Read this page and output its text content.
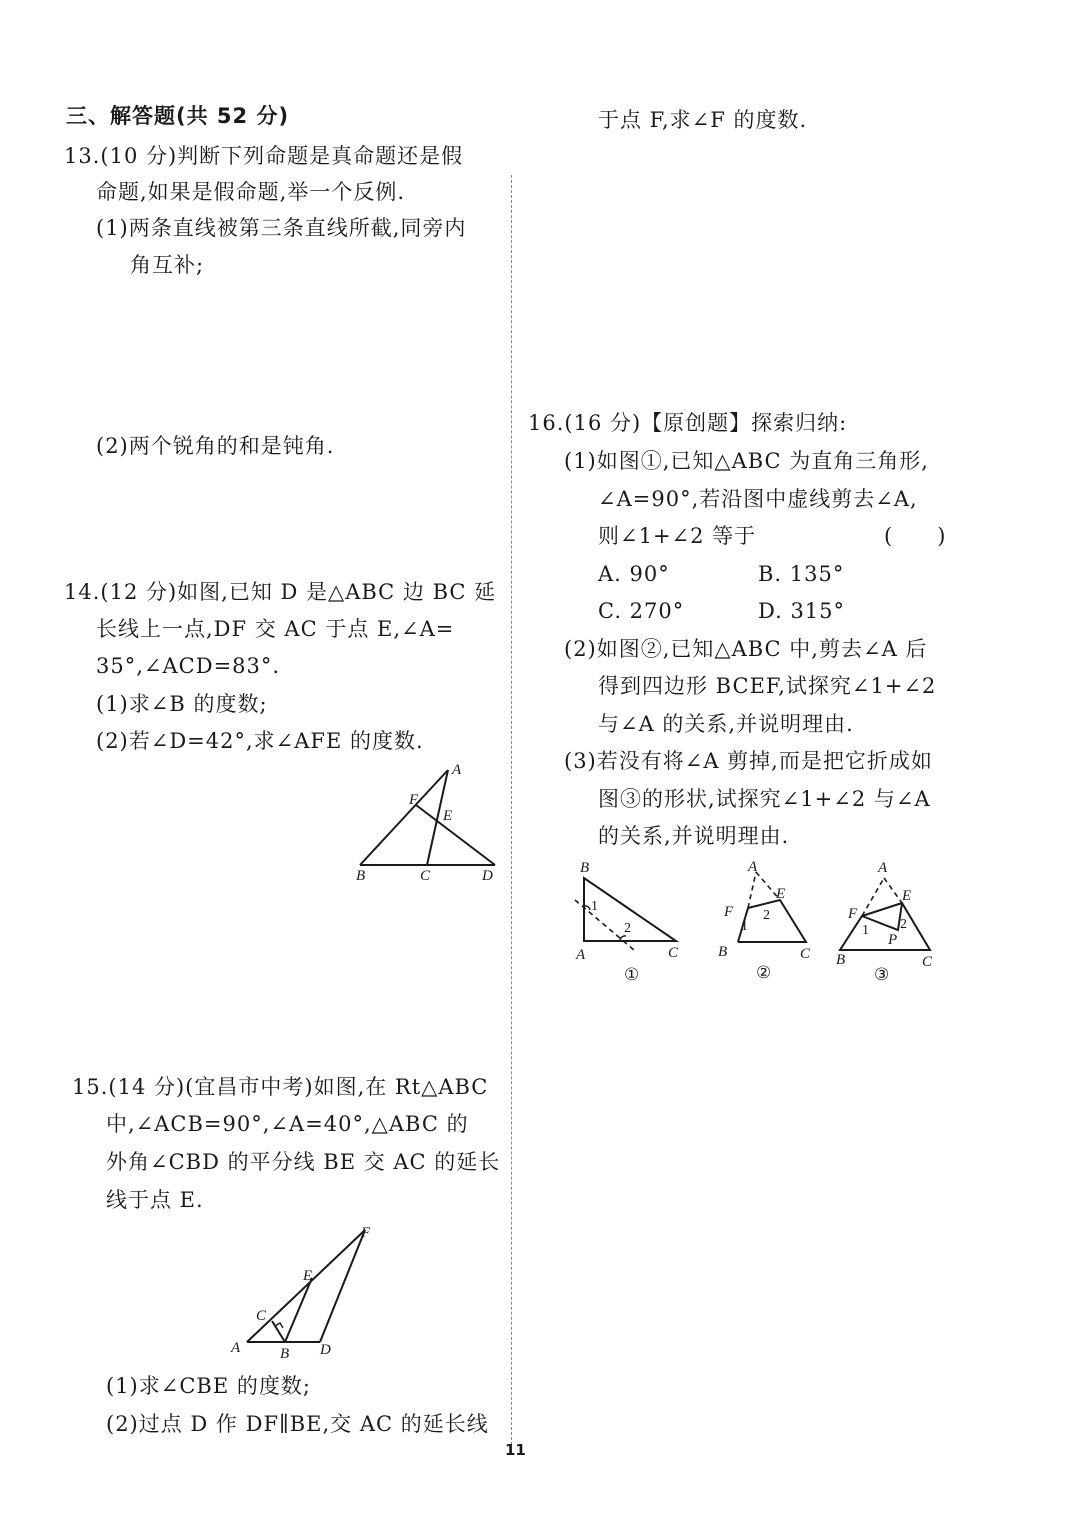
三、解答题(共 52 分)
13.(10 分)判断下列命题是真命题还是假
命题,如果是假命题,举一个反例.
(1)两条直线被第三条直线所截,同旁内
角互补;
(2)两个锐角的和是钝角.
14.(12 分)如图,已知 D 是△ABC 边 BC 延
长线上一点,DF 交 AC 于点 E,∠A=
35°,∠ACD=83°.
(1)求∠B 的度数;
(2)若∠D=42°,求∠AFE 的度数.
A
F
E
B	C	D
15.(14 分)(宜昌市中考)如图,在 Rt△ABC
中,∠ACB=90°,∠A=40°,△ABC 的
外角∠CBD 的平分线 BE 交 AC 的延长
线于点 E.
F
E
C
A	B D
(1)求∠CBE 的度数;
(2)过点 D 作 DF∥BE,交 AC 的延长线
于点 F,求∠F 的度数.
16.(16 分)【原创题】探索归纳:
(1)如图①,已知△ABC 为直角三角形,
∠A=90°,若沿图中虚线剪去∠A,
则∠1+∠2 等于	(　　)
A. 90°	B. 135°
C. 270°	D. 315°
(2)如图②,已知△ABC 中,剪去∠A 后
得到四边形 BCEF,试探究∠1+∠2
与∠A 的关系,并说明理由.
(3)若没有将∠A 剪掉,而是把它折成如
图③的形状,试探究∠1+∠2 与∠A
的关系,并说明理由.
B
A	C
1
2
①
A
E
F
B	C
1
2
②
A
E
F
P
B	C
1 2
③
11
